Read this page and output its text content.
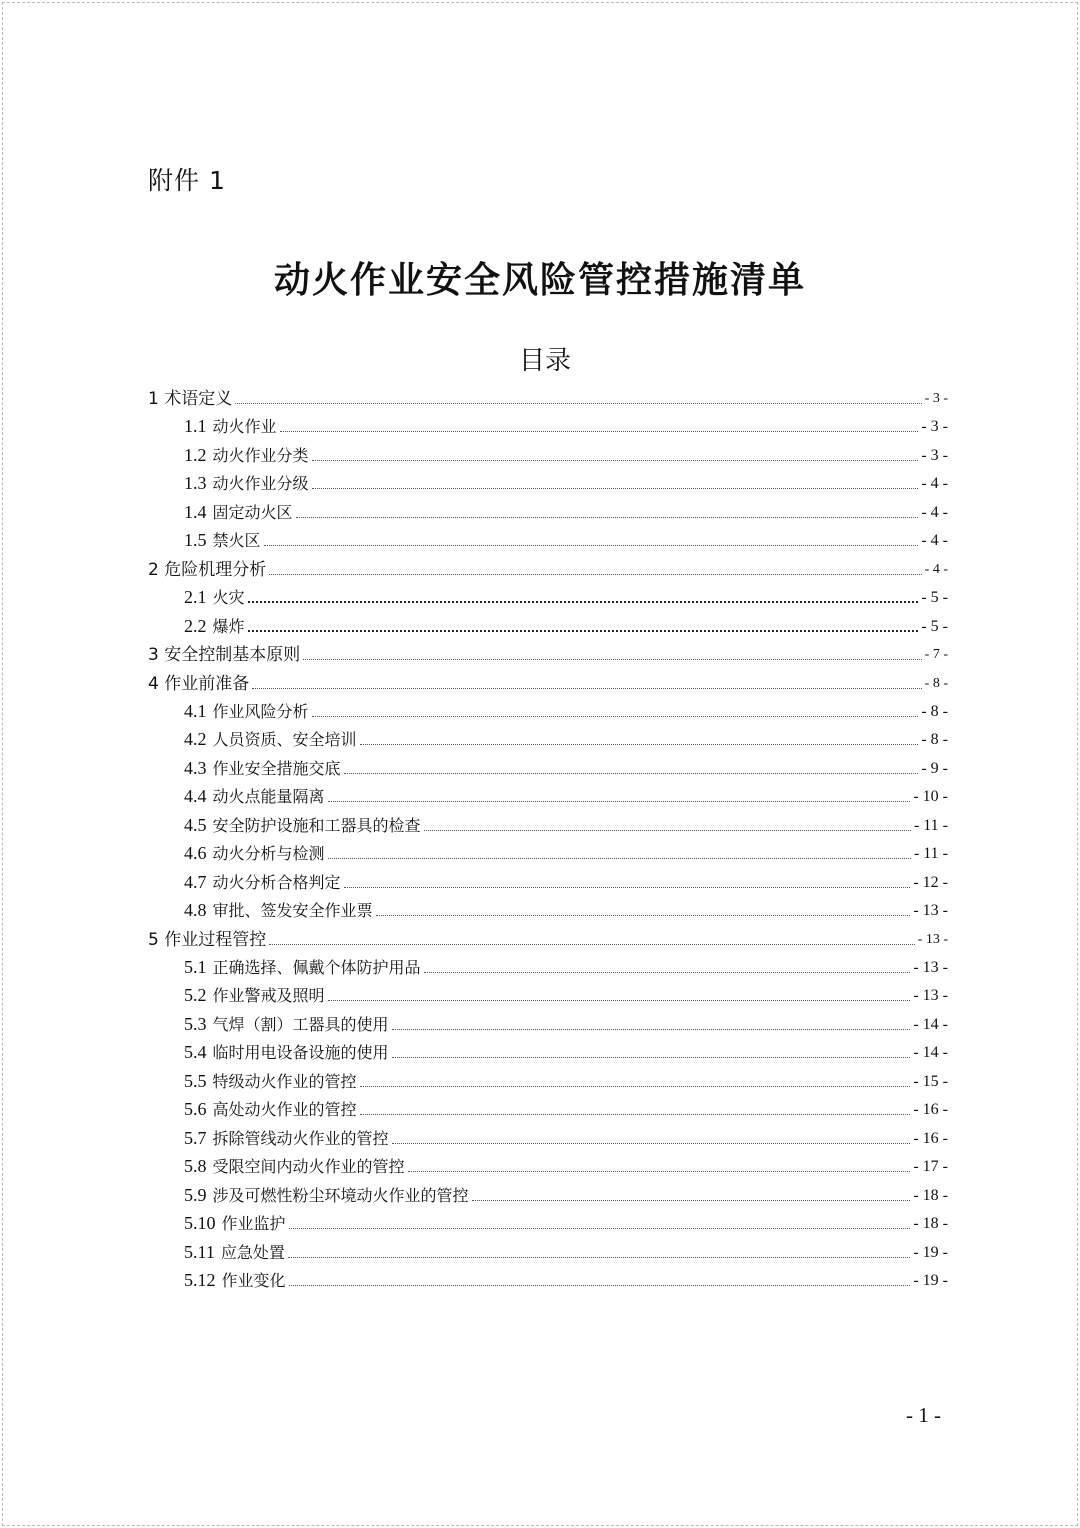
附件 1
动火作业安全风险管控措施清单
目录
1 术语定义	- 3 -
1.1 动火作业	- 3 -
1.2 动火作业分类	- 3 -
1.3 动火作业分级	- 4 -
1.4 固定动火区	- 4 -
1.5 禁火区	- 4 -
2 危险机理分析	- 4 -
2.1 火灾	- 5 -
2.2 爆炸	- 5 -
3 安全控制基本原则	- 7 -
4 作业前准备	- 8 -
4.1 作业风险分析	- 8 -
4.2 人员资质、安全培训	- 8 -
4.3 作业安全措施交底	- 9 -
4.4 动火点能量隔离	- 10 -
4.5 安全防护设施和工器具的检查	- 11 -
4.6 动火分析与检测	- 11 -
4.7 动火分析合格判定	- 12 -
4.8 审批、签发安全作业票	- 13 -
5 作业过程管控	- 13 -
5.1 正确选择、佩戴个体防护用品	- 13 -
5.2 作业警戒及照明	- 13 -
5.3 气焊（割）工器具的使用	- 14 -
5.4 临时用电设备设施的使用	- 14 -
5.5 特级动火作业的管控	- 15 -
5.6 高处动火作业的管控	- 16 -
5.7 拆除管线动火作业的管控	- 16 -
5.8 受限空间内动火作业的管控	- 17 -
5.9 涉及可燃性粉尘环境动火作业的管控	- 18 -
5.10 作业监护	- 18 -
5.11 应急处置	- 19 -
5.12 作业变化	- 19 -
- 1 -
